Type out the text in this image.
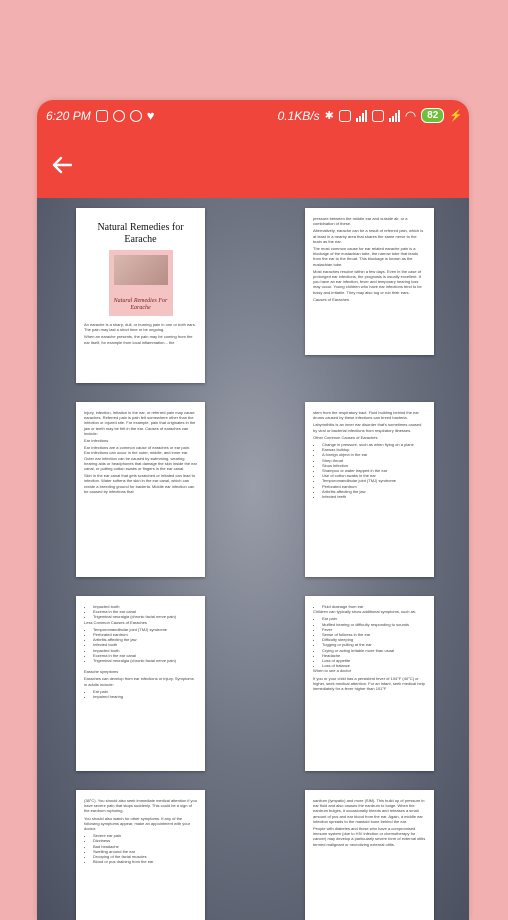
6:20 PM	♥	0.1KB/s ✱	◠	82	⚡
Natural Remedies for Earache
Natural Remedies For Earache

An earache is a sharp, dull, or burning pain in one or both ears. The pain may last a short time or be ongoing.

When an earache presents, the pain may be coming from the ear itself, for example from local inflammation... the

pressure between the middle ear and outside air, or a combination of these.

Alternatively, earache can be a result of referred pain, which is at least in a nearby area that shares the same nerve to the brain as the ear.

The most common cause for ear related earache pain is a blockage of the eustachian tube, the narrow tube that leads from the ear to the throat. This blockage is known as the eustachian tube.

Most earaches resolve within a few days. Even in the case of prolonged ear infections, the prognosis is usually excellent. If you have an ear infection, fever and temporary hearing loss may occur. Young children who have ear infections tend to be fussy and irritable. They may also tug or rub their ears.

Causes of Earaches

Injury, infection, irritation in the ear, or referred pain may cause earaches. Referred pain is pain felt somewhere other than the infection or injured site. For example, pain that originates in the jaw or teeth may be felt in the ear. Causes of earaches can include:

Ear infections

Ear infections are a common cause of earaches or ear pain. Ear infections can occur in the outer, middle, and inner ear. Outer ear infection can be caused by swimming, wearing hearing aids or headphones that damage the skin inside the ear canal, or putting cotton swabs or fingers in the ear canal.

Skin in the ear canal that gets scratched or irritated can lead to infection. Water softens the skin in the ear canal, which can create a breeding ground for bacteria. Middle ear infection can be caused by infections that

stem from the respiratory tract. Fluid building behind the ear drums caused by these infections can breed bacteria.

Labyrinthitis is an inner ear disorder that's sometimes caused by viral or bacterial infections from respiratory illnesses.

Other Common Causes of Earaches

• Change in pressure, such as when flying on a plane
• Earwax buildup
• A foreign object in the ear
• Strep throat
• Sinus infection
• Shampoo or water trapped in the ear
• Use of cotton swabs in the ear
• Temporomandibular joint (TMJ) syndrome
• Perforated eardrum
• Arthritis affecting the jaw
• Infected teeth
• Impacted tooth
• Eczema in the ear canal
• Trigeminal neuralgia (chronic facial nerve pain)

Less Common Causes of Earaches

• Temporomandibular joint (TMJ) syndrome
• Perforated eardrum
• Arthritis affecting the jaw
• Infected tooth
• Impacted tooth
• Eczema in the ear canal
• Trigeminal neuralgia (chronic facial nerve pain)

Earache symptoms

Earaches can develop from ear infections or injury. Symptoms in adults include:

• Ear pain
• Impaired hearing
• Fluid drainage from ear

Children can typically show additional symptoms, such as:

• Ear pain
• Muffled hearing or difficulty responding to sounds
• Fever
• Sense of fullness in the ear
• Difficulty sleeping
• Tugging or pulling at the ear
• Crying or acting irritable more than usual
• Headache
• Loss of appetite
• Loss of balance

When to see a doctor

If you or your child has a persistent fever of 104°F (40°C) or higher, seek medical attention. For an infant, seek medical help immediately for a fever higher than 101°F

(38°C). You should also seek immediate medical attention if you have severe pain that stops suddenly. This could be a sign of the eardrum rupturing.

You should also watch for other symptoms. If any of the following symptoms appear, make an appointment with your doctor:

• Severe ear pain
• Dizziness
• Bad headache
• Swelling around the ear
• Drooping of the facial muscles
• Blood or pus draining from the ear

sanitum (lympatic) and more (SIM). This build up of pressure in ear fluid and also causes the eardrum to bulge. When the eardrum bulges, it occasionally bleeds and releases a small amount of pus and ear blood from the ear. Again, a middle ear infection spreads to the mastoid bone behind the ear.

People with diabetes and those who have a compromised immune system (due to HIV infection or chemotherapy for cancer) may develop a particularly severe form of external otitis termed malignant or necrotizing external otitis.
